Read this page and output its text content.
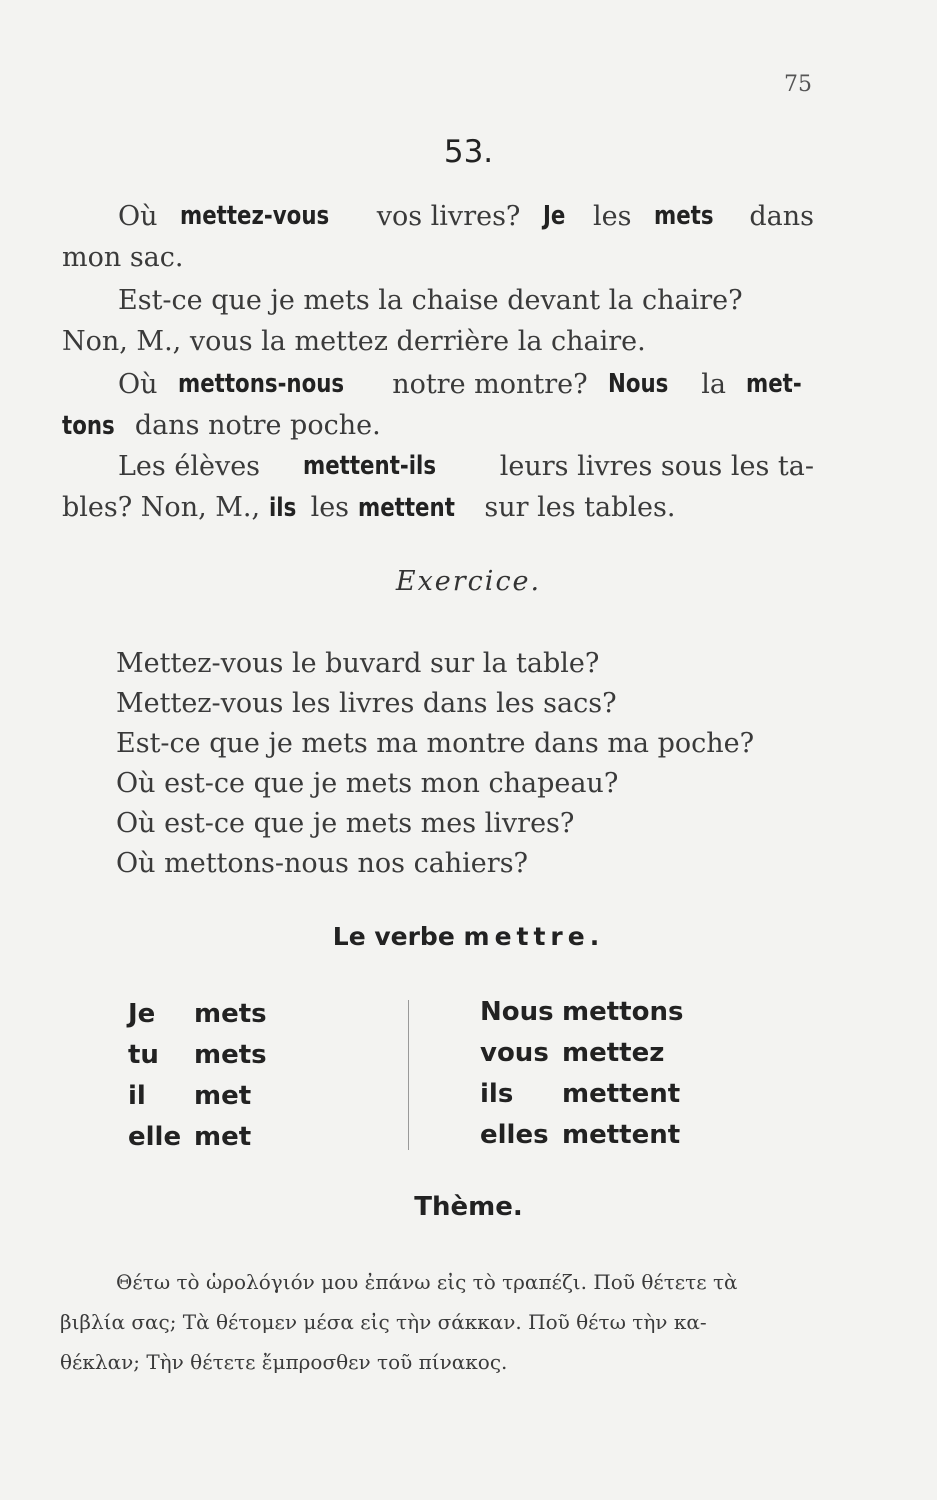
75
53.
Où mettez-vous vos livres? Je les mets dans
mon sac.
Est-ce que je mets la chaise devant la chaire?
Non, M., vous la mettez derrière la chaire.
Où mettons-nous notre montre? Nous la met-
tons dans notre poche.
Les élèves mettent-ils leurs livres sous les ta-
bles? Non, M., ils les mettent sur les tables.
Exercice.
Mettez-vous le buvard sur la table?
Mettez-vous les livres dans les sacs?
Est-ce que je mets ma montre dans ma poche?
Où est-ce que je mets mon chapeau?
Où est-ce que je mets mes livres?
Où mettons-nous nos cahiers?
Le verbe mettre.
Je	mets
tu	mets
il	met
elle met
Nous mettons
vous mettez
ils	mettent
elles mettent
Thème.
Θέτω τὸ ὡρολόγιόν μου ἐπάνω εἰς τὸ τραπέζι. Ποῦ θέτετε τὰ
βιβλία σας; Τὰ θέτομεν μέσα εἰς τὴν σάκκαν. Ποῦ θέτω τὴν κα-
θέκλαν; Τὴν θέτετε ἔμπροσθεν τοῦ πίνακος.
